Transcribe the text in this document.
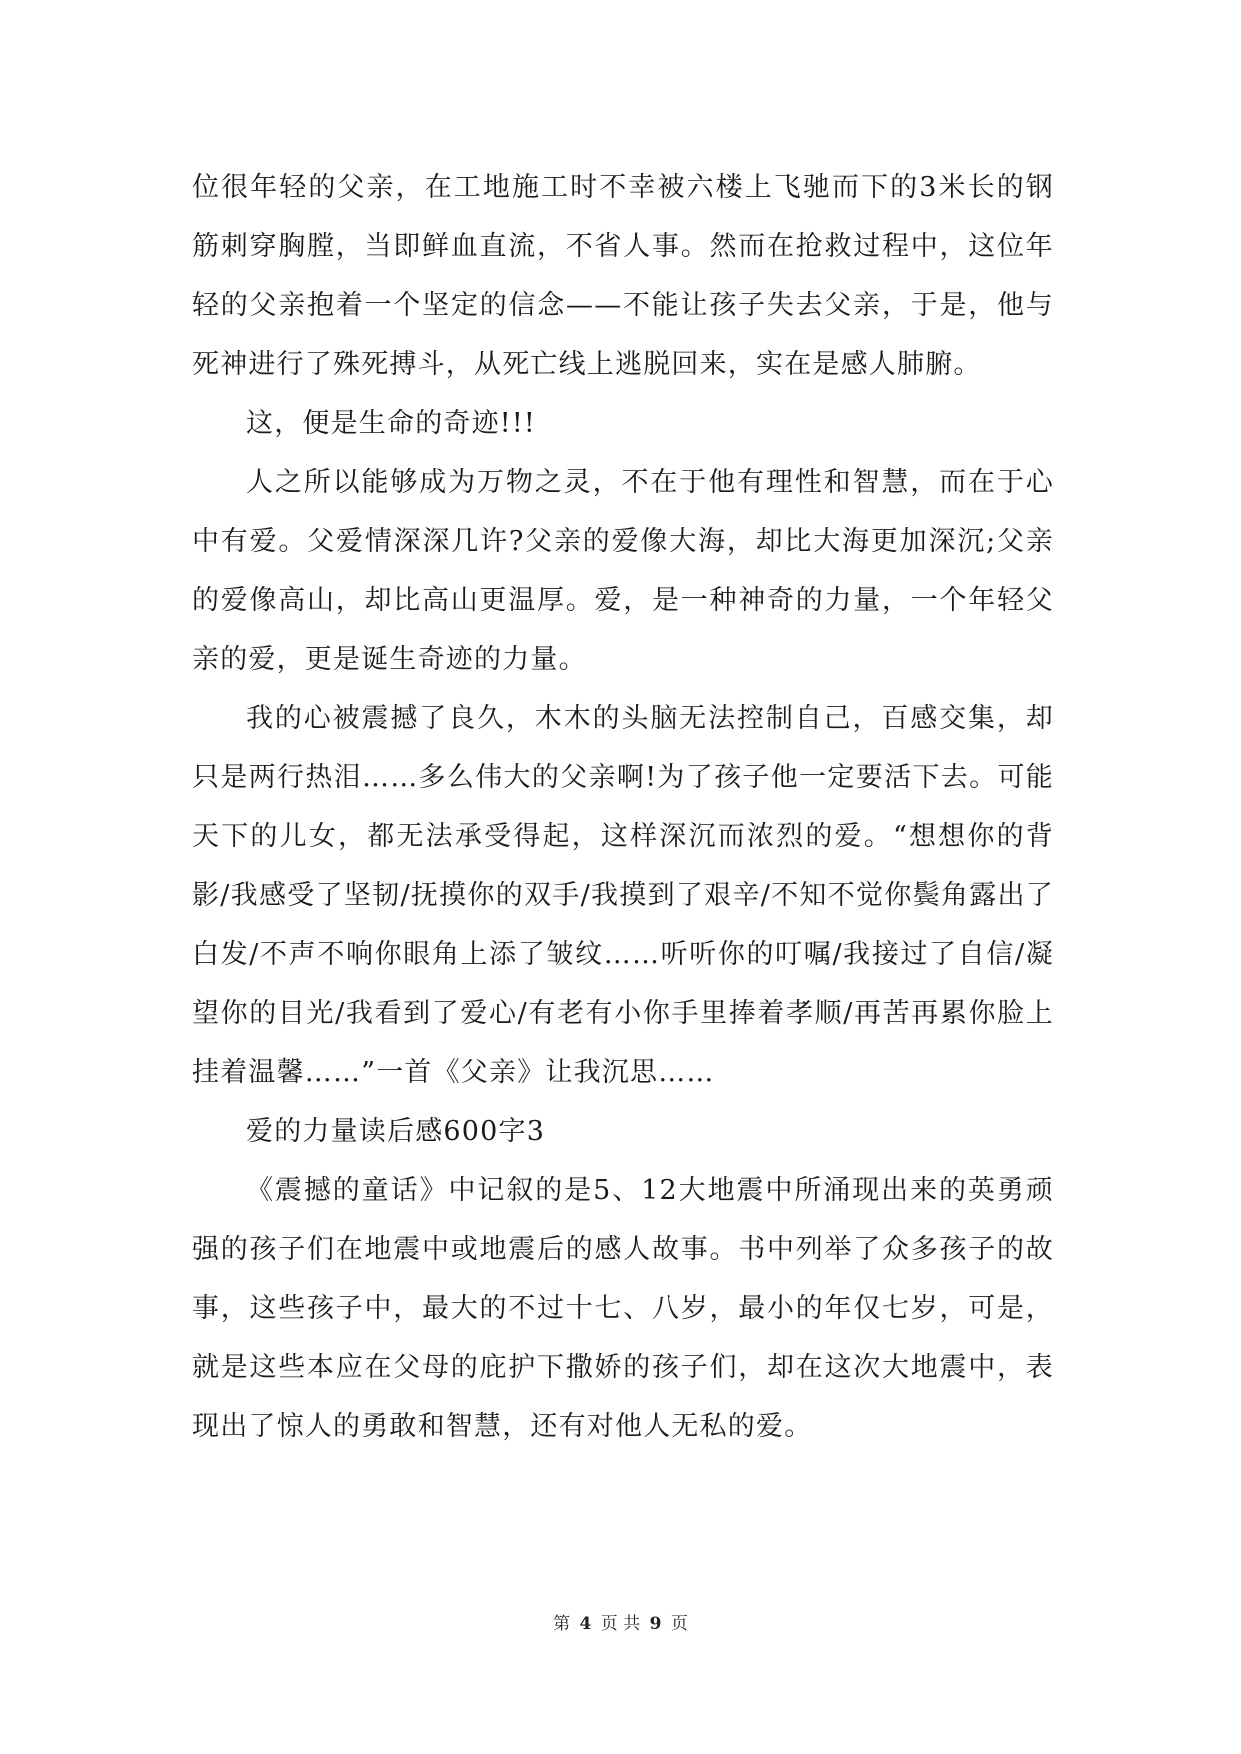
位很年轻的父亲，在工地施工时不幸被六楼上飞驰而下的3米长的钢筋刺穿胸膛，当即鲜血直流，不省人事。然而在抢救过程中，这位年轻的父亲抱着一个坚定的信念——不能让孩子失去父亲，于是，他与死神进行了殊死搏斗，从死亡线上逃脱回来，实在是感人肺腑。

这，便是生命的奇迹!!!

人之所以能够成为万物之灵，不在于他有理性和智慧，而在于心中有爱。父爱情深深几许?父亲的爱像大海，却比大海更加深沉;父亲的爱像高山，却比高山更温厚。爱，是一种神奇的力量，一个年轻父亲的爱，更是诞生奇迹的力量。

我的心被震撼了良久，木木的头脑无法控制自己，百感交集，却只是两行热泪……多么伟大的父亲啊!为了孩子他一定要活下去。可能天下的儿女，都无法承受得起，这样深沉而浓烈的爱。“想想你的背影/我感受了坚韧/抚摸你的双手/我摸到了艰辛/不知不觉你鬓角露出了白发/不声不响你眼角上添了皱纹……听听你的叮嘱/我接过了自信/凝望你的目光/我看到了爱心/有老有小你手里捧着孝顺/再苦再累你脸上挂着温馨……”一首《父亲》让我沉思……

爱的力量读后感600字3

《震撼的童话》中记叙的是5、12大地震中所涌现出来的英勇顽强的孩子们在地震中或地震后的感人故事。书中列举了众多孩子的故事，这些孩子中，最大的不过十七、八岁，最小的年仅七岁，可是，就是这些本应在父母的庇护下撒娇的孩子们，却在这次大地震中，表现出了惊人的勇敢和智慧，还有对他人无私的爱。

第 4 页 共 9 页
